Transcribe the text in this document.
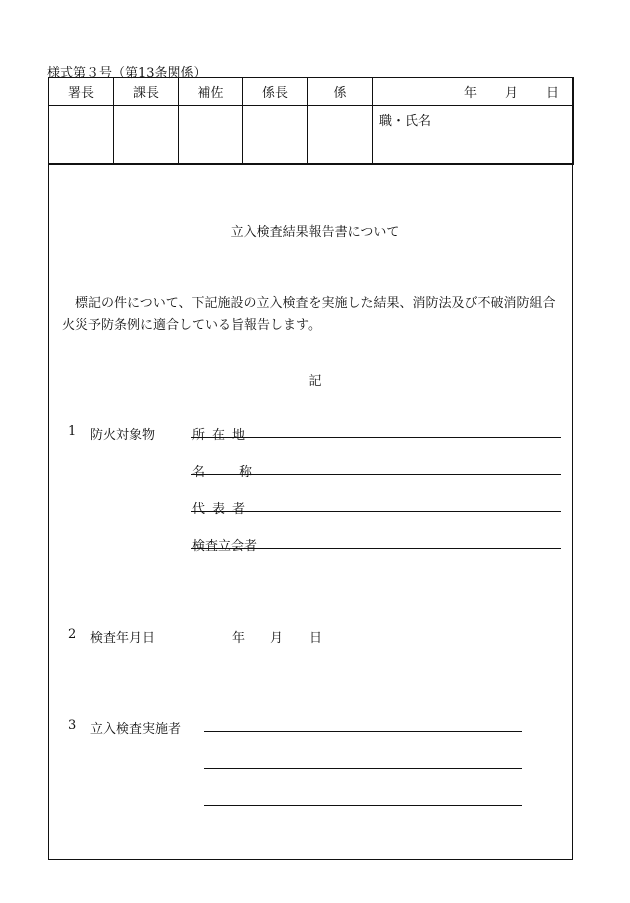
様式第３号（第13条関係）
署長	課長	補佐	係長	係	年 月 日
					職・氏名
立入検査結果報告書について
標記の件について、下記施設の立入検査を実施した結果、消防法及び不破消防組合火災予防条例に適合している旨報告します。
記
1 防火対象物	所在地
名称
代表者
検査立会者
2 検査年月日	年 月 日
3 立入検査実施者
